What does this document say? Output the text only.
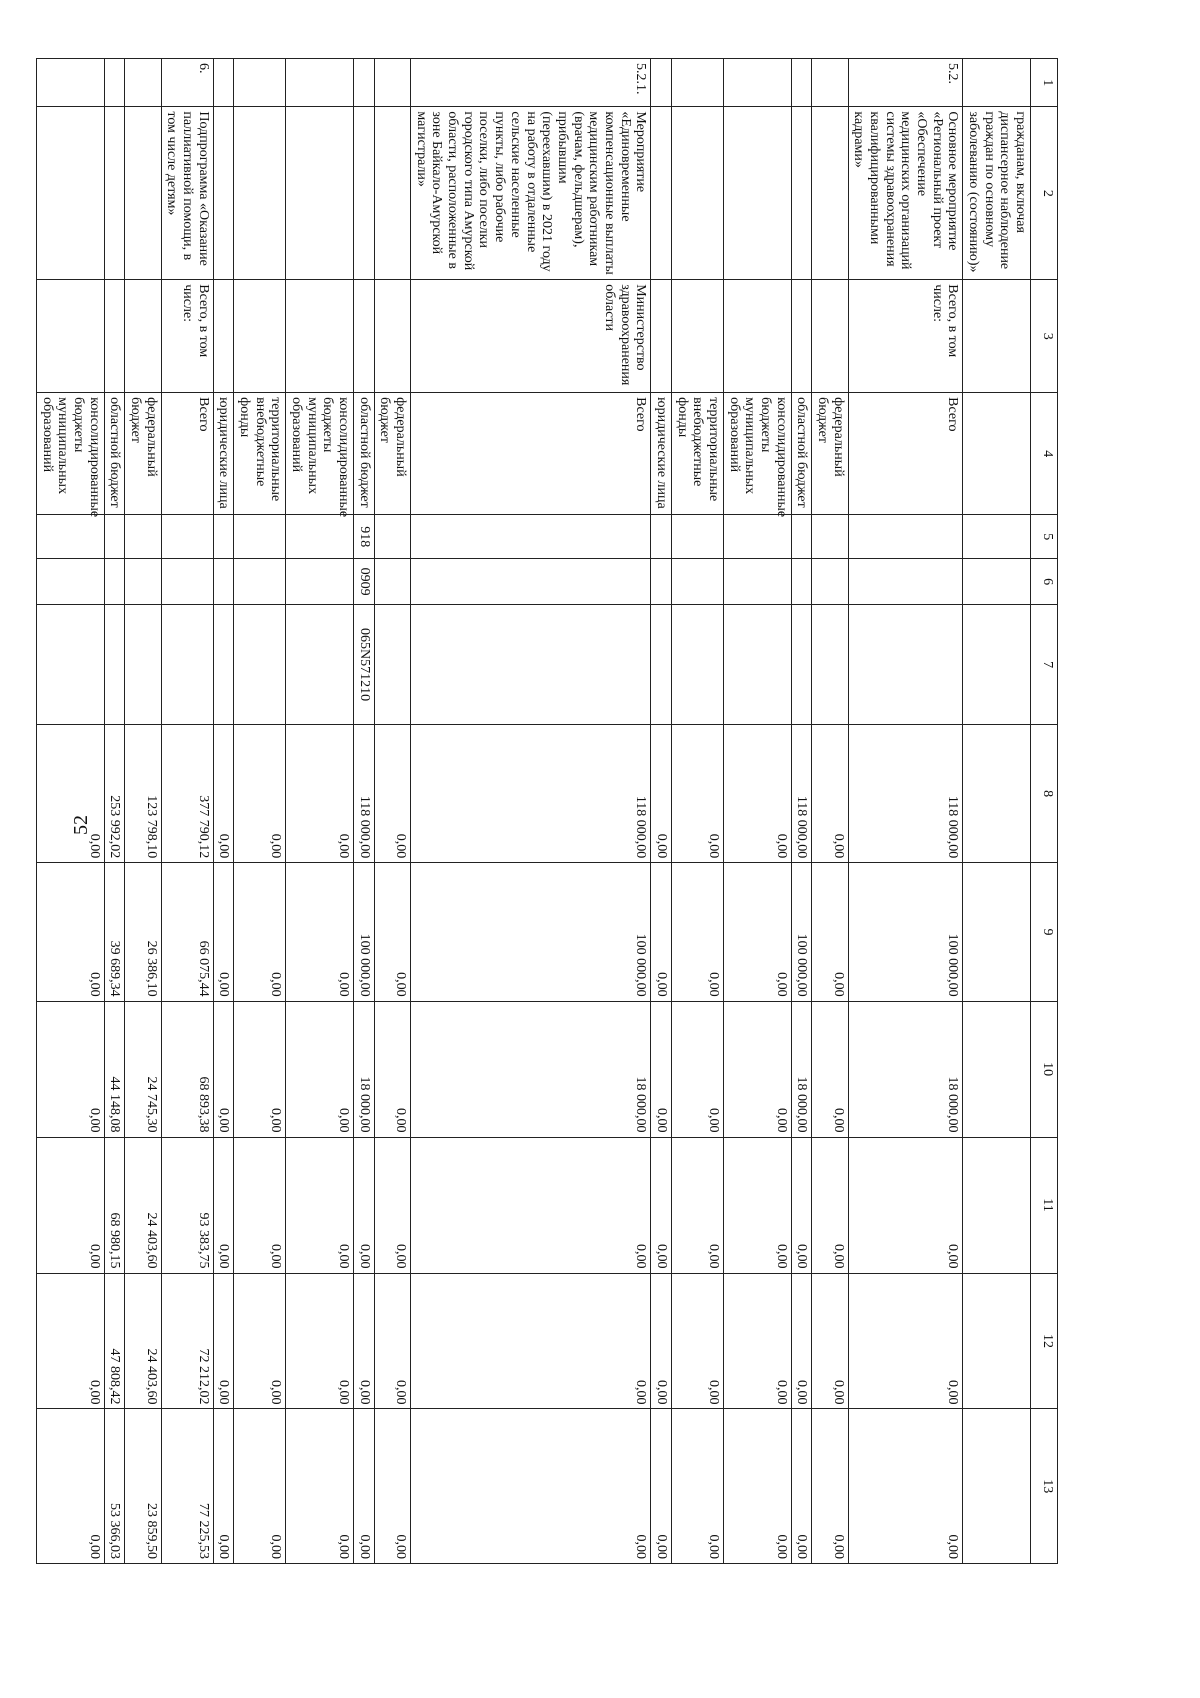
52
1	2	3	4	5	6	7	8	9	10	11	12	13
	гражданам, включая диспансерное наблюдение граждан по основному заболеванию (состоянию)»											
5.2.	Основное мероприятие «Региональный проект «Обеспечение медицинских организаций системы здравоохранения квалифицированными кадрами»	Всего, в том числе:	Всего				118 000,00	100 000,00	18 000,00	0,00	0,00	0,00
			федеральный бюджет				0,00	0,00	0,00	0,00	0,00	0,00
			областной бюджет				118 000,00	100 000,00	18 000,00	0,00	0,00	0,00
			консолидированные бюджеты муниципальных образований				0,00	0,00	0,00	0,00	0,00	0,00
			территориальные внебюджетные фонды				0,00	0,00	0,00	0,00	0,00	0,00
			юридические лица				0,00	0,00	0,00	0,00	0,00	0,00
5.2.1.	Мероприятие «Единовременные компенсационные выплаты медицинским работникам (врачам, фельдшерам), прибывшим (переехавшим) в 2021 году на работу в отдаленные сельские населенные пункты, либо рабочие поселки, либо поселки городского типа Амурской области, расположенные в зоне Байкало-Амурской магистрали»	Министерство здравоохранения области	Всего				118 000,00	100 000,00	18 000,00	0,00	0,00	0,00
			федеральный бюджет				0,00	0,00	0,00	0,00	0,00	0,00
			областной бюджет	918	0909	065N571210	118 000,00	100 000,00	18 000,00	0,00	0,00	0,00
			консолидированные бюджеты муниципальных образований				0,00	0,00	0,00	0,00	0,00	0,00
			территориальные внебюджетные фонды				0,00	0,00	0,00	0,00	0,00	0,00
			юридические лица				0,00	0,00	0,00	0,00	0,00	0,00
6.	Подпрограмма «Оказание паллиативной помощи, в том числе детям»	Всего, в том числе:	Всего				377 790,12	66 075,44	68 893,38	93 383,75	72 212,02	77 225,53
			федеральный бюджет				123 798,10	26 386,10	24 745,30	24 403,60	24 403,60	23 859,50
			областной бюджет				253 992,02	39 689,34	44 148,08	68 980,15	47 808,42	53 366,03
			консолидированные бюджеты муниципальных образований				0,00	0,00	0,00	0,00	0,00	0,00
